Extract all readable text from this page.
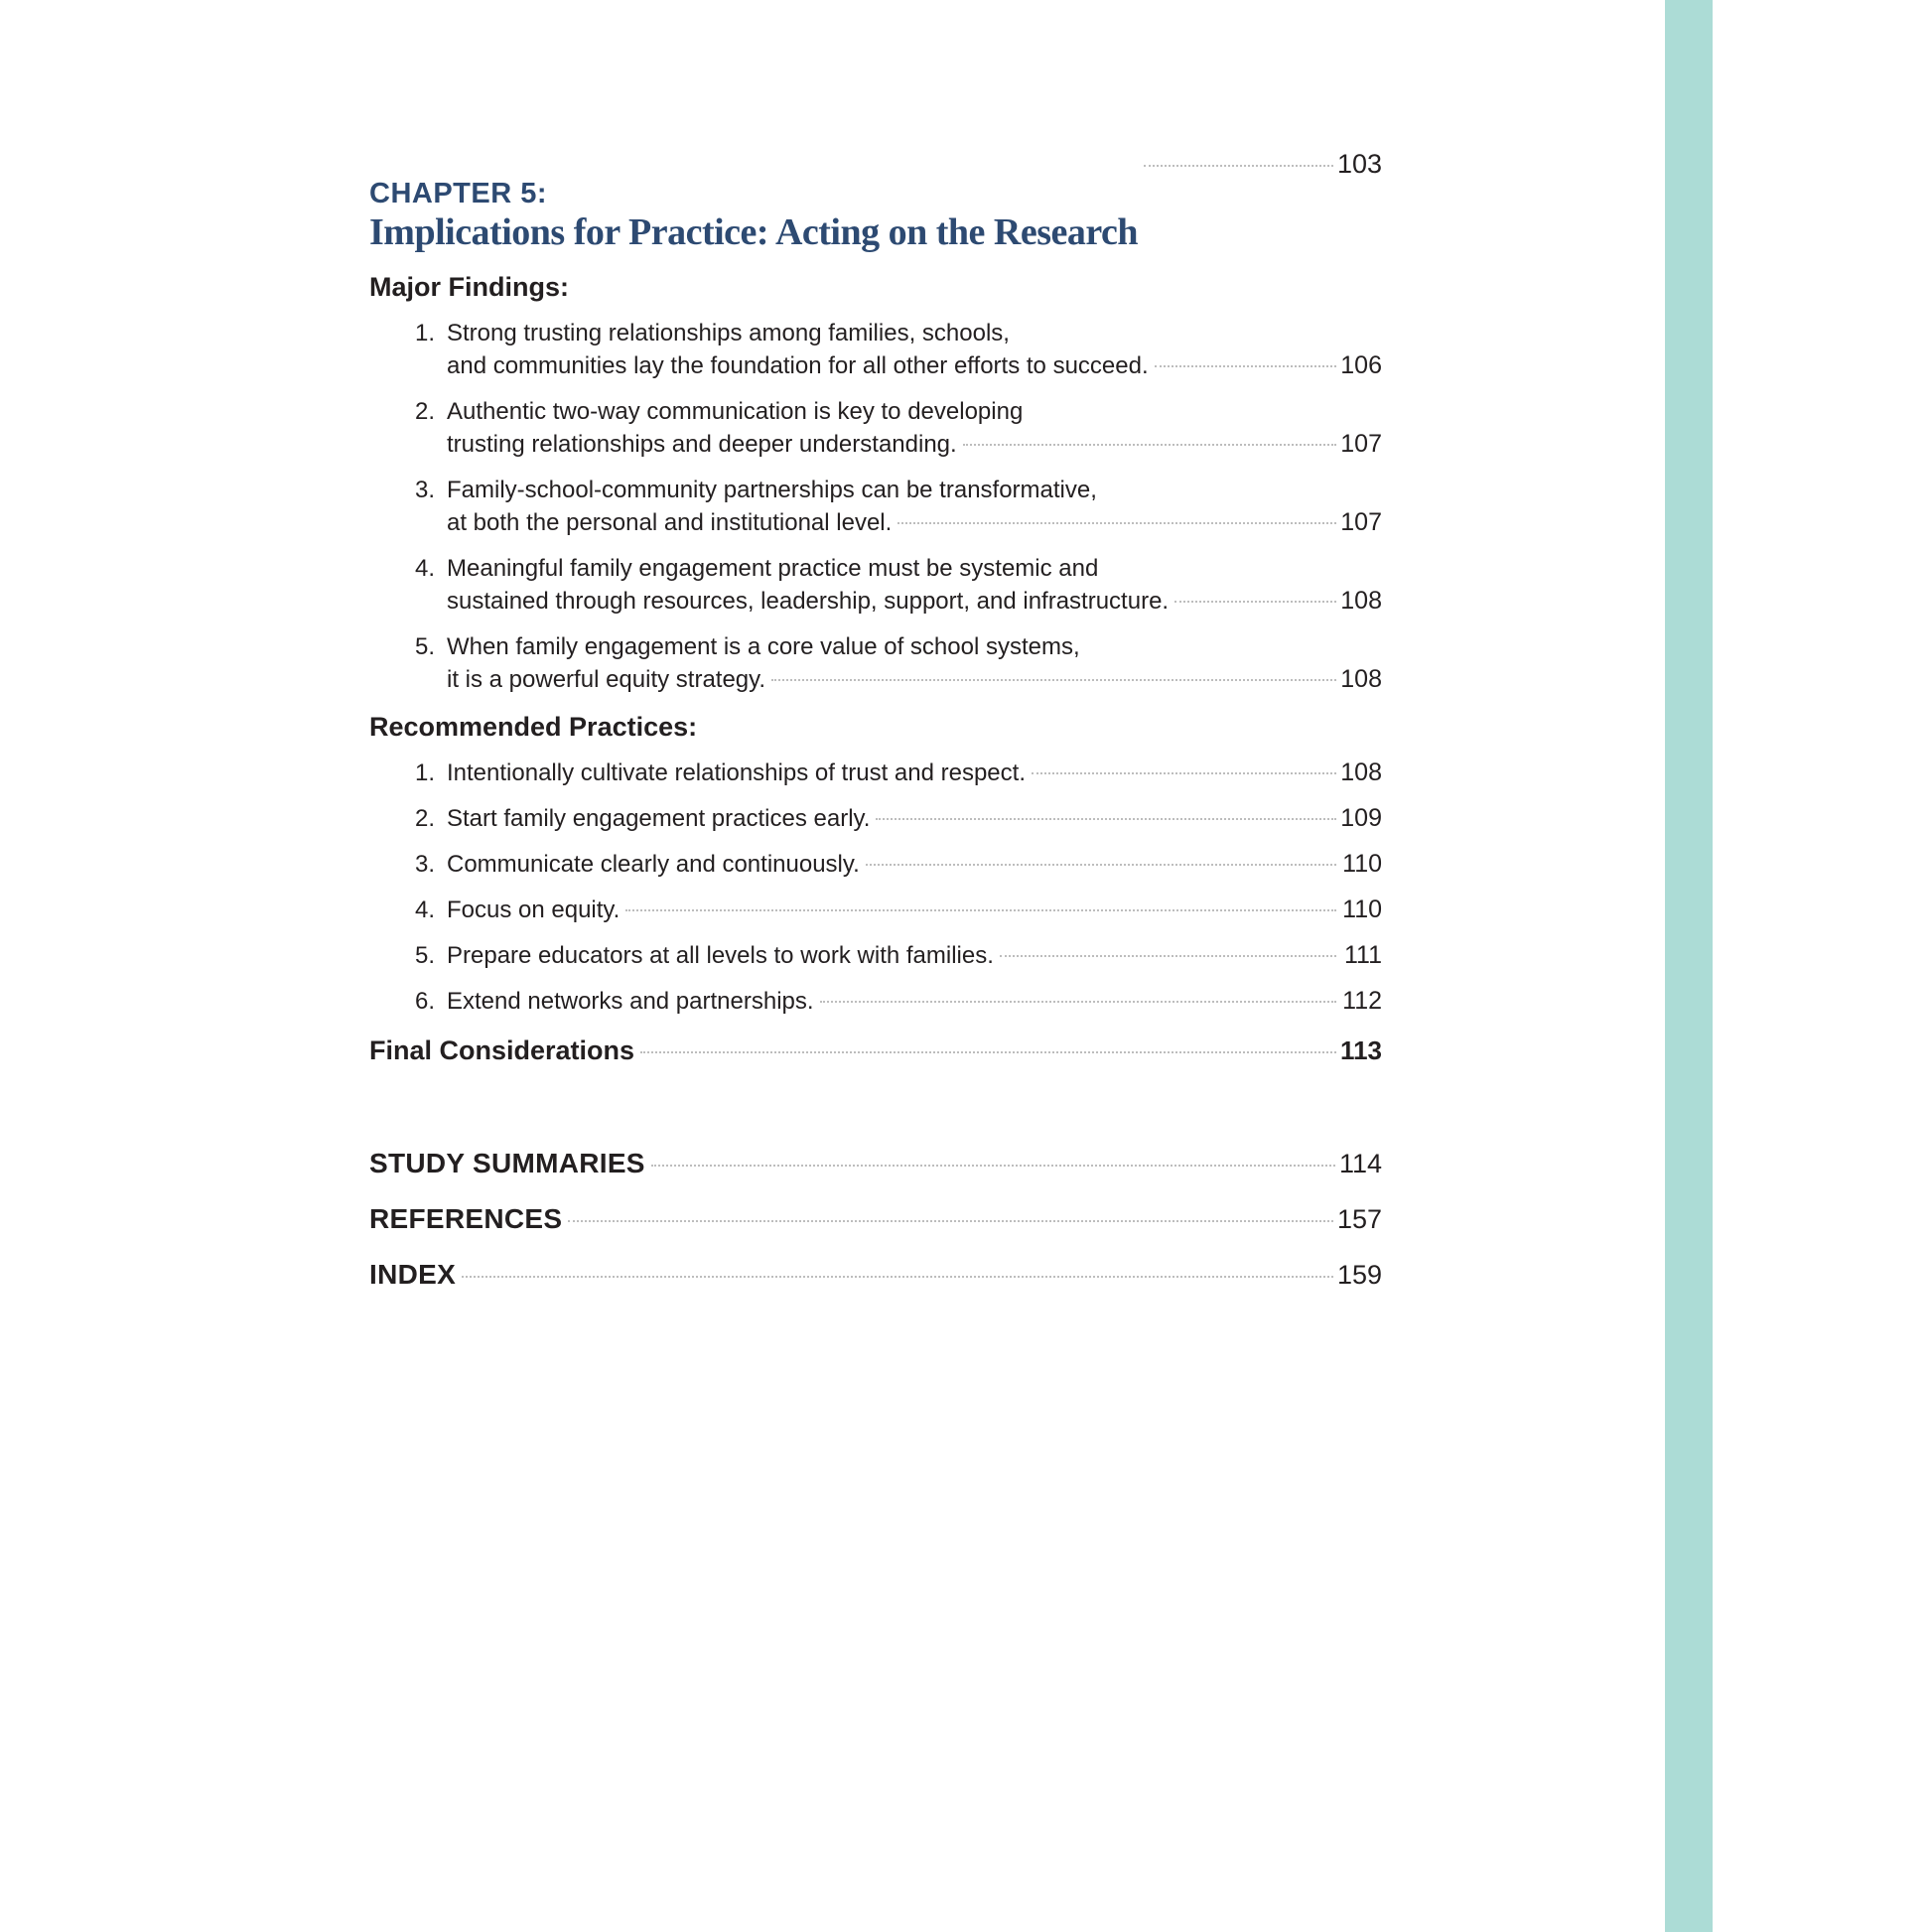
CHAPTER 5:
Implications for Practice: Acting on the Research

103
Major Findings:
1. Strong trusting relationships among families, schools,
and communities lay the foundation for all other efforts to succeed.	106
2. Authentic two-way communication is key to developing
trusting relationships and deeper understanding.	107
3. Family-school-community partnerships can be transformative,
at both the personal and institutional level.	107
4. Meaningful family engagement practice must be systemic and
sustained through resources, leadership, support, and infrastructure.	108
5. When family engagement is a core value of school systems,
it is a powerful equity strategy.	108
Recommended Practices:
1. Intentionally cultivate relationships of trust and respect.	108
2. Start family engagement practices early.	109
3. Communicate clearly and continuously.	110
4. Focus on equity.	110
5. Prepare educators at all levels to work with families.	111
6. Extend networks and partnerships.	112
Final Considerations	113
STUDY SUMMARIES	114
REFERENCES	157
INDEX	159
